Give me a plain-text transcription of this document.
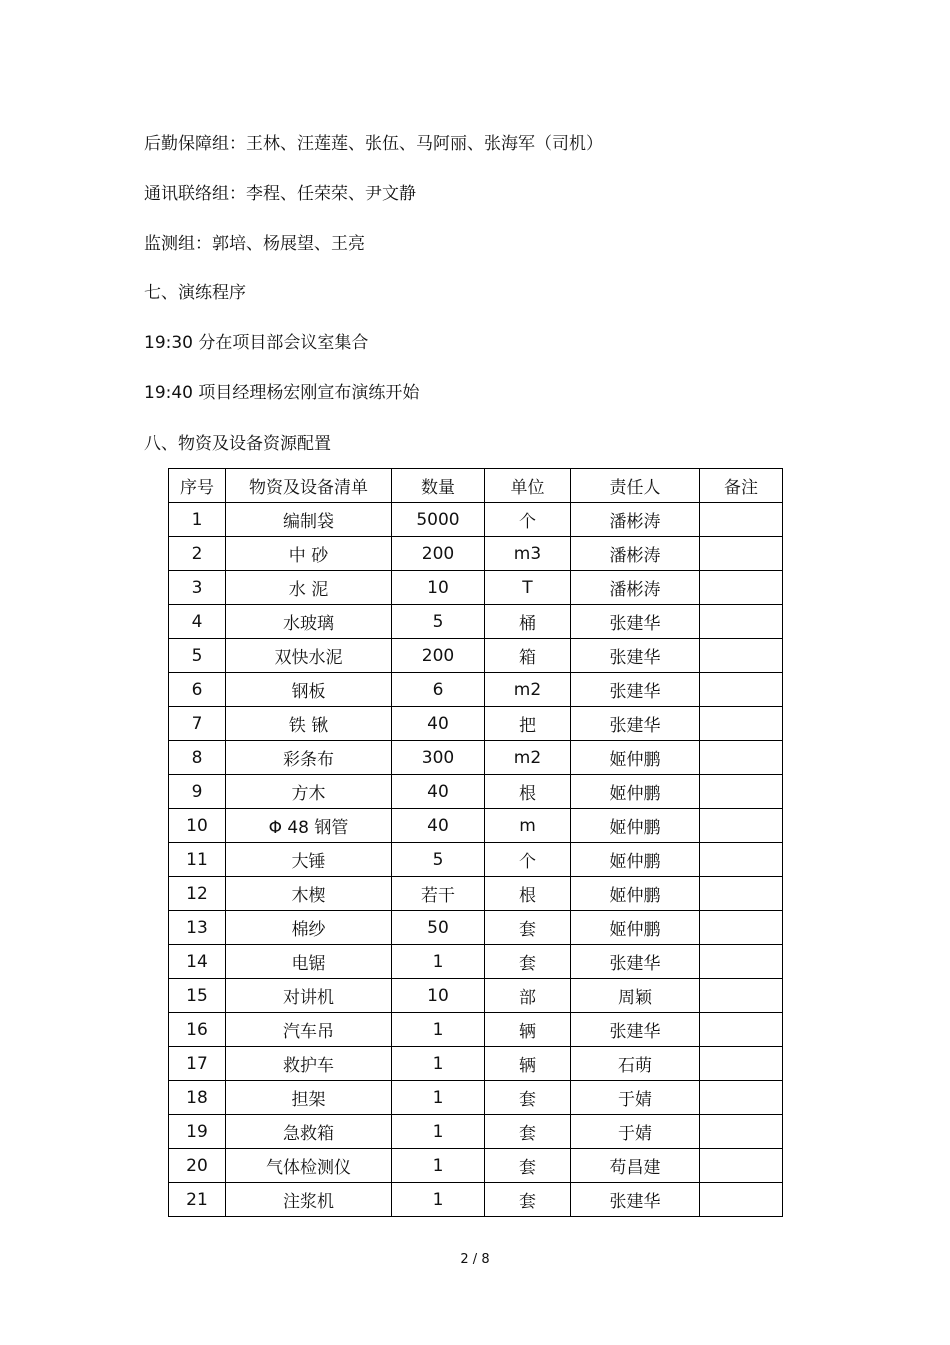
后勤保障组：王林、汪莲莲、张伍、马阿丽、张海军（司机）
通讯联络组：李程、任荣荣、尹文静
监测组：郭培、杨展望、王亮
七、演练程序
19:30 分在项目部会议室集合
19:40 项目经理杨宏刚宣布演练开始
八、物资及设备资源配置
序号	物资及设备清单	数量	单位	责任人	备注
1	编制袋	5000	个	潘彬涛	
2	中 砂	200	m3	潘彬涛	
3	水 泥	10	T	潘彬涛	
4	水玻璃	5	桶	张建华	
5	双快水泥	200	箱	张建华	
6	钢板	6	m2	张建华	
7	铁 锹	40	把	张建华	
8	彩条布	300	m2	姬仲鹏	
9	方木	40	根	姬仲鹏	
10	Φ 48 钢管	40	m	姬仲鹏	
11	大锤	5	个	姬仲鹏	
12	木楔	若干	根	姬仲鹏	
13	棉纱	50	套	姬仲鹏	
14	电锯	1	套	张建华	
15	对讲机	10	部	周颖	
16	汽车吊	1	辆	张建华	
17	救护车	1	辆	石萌	
18	担架	1	套	于婧	
19	急救箱	1	套	于婧	
20	气体检测仪	1	套	苟昌建	
21	注浆机	1	套	张建华	
2 / 8
